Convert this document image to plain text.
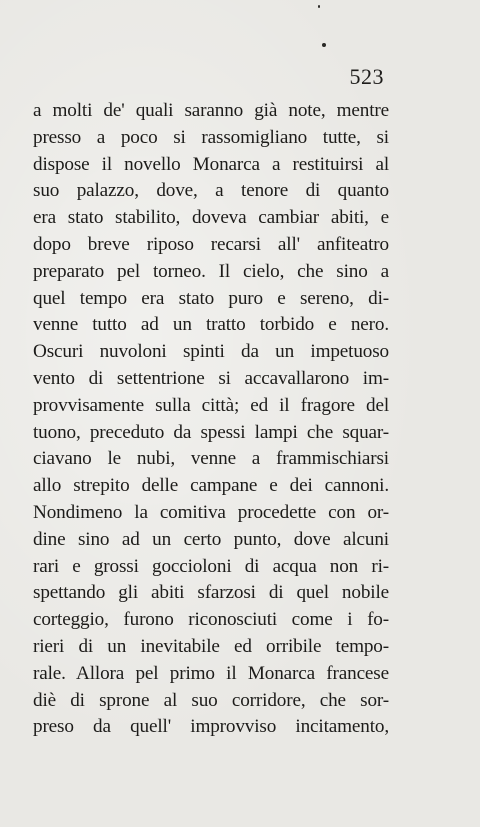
523
a molti de' quali saranno già note, mentre
presso a poco si rassomigliano tutte, si
dispose il novello Monarca a restituirsi al
suo palazzo, dove, a tenore di quanto
era stato stabilito, doveva cambiar abiti, e
dopo breve riposo recarsi all' anfiteatro
preparato pel torneo. Il cielo, che sino a
quel tempo era stato puro e sereno, di-
venne tutto ad un tratto torbido e nero.
Oscuri nuvoloni spinti da un impetuoso
vento di settentrione si accavallarono im-
provvisamente sulla città; ed il fragore del
tuono, preceduto da spessi lampi che squar-
ciavano le nubi, venne a frammischiarsi
allo strepito delle campane e dei cannoni.
Nondimeno la comitiva procedette con or-
dine sino ad un certo punto, dove alcuni
rari e grossi goccioloni di acqua non ri-
spettando gli abiti sfarzosi di quel nobile
corteggio, furono riconosciuti come i fo-
rieri di un inevitabile ed orribile tempo-
rale. Allora pel primo il Monarca francese
diè di sprone al suo corridore, che sor-
preso da quell' improvviso incitamento,
